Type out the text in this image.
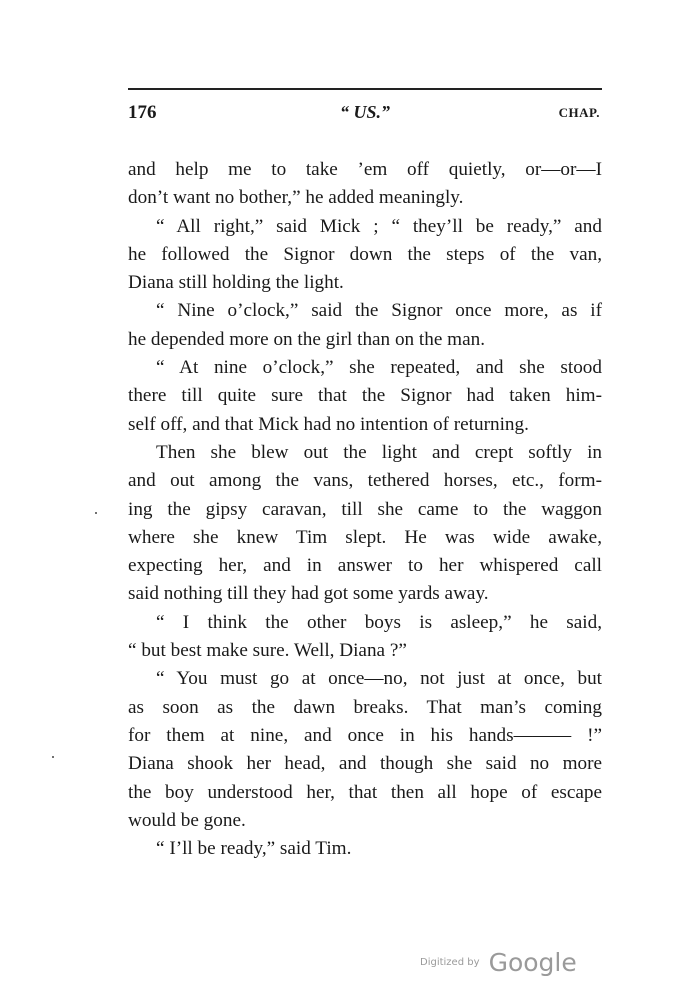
176	“ US.”	CHAP.
and help me to take ’em off quietly, or—or—I
don’t want no bother,” he added meaningly.
“ All right,” said Mick ; “ they’ll be ready,” and
he followed the Signor down the steps of the van,
Diana still holding the light.
“ Nine o’clock,” said the Signor once more, as if
he depended more on the girl than on the man.
“ At nine o’clock,” she repeated, and she stood
there till quite sure that the Signor had taken him-
self off, and that Mick had no intention of returning.
Then she blew out the light and crept softly in
and out among the vans, tethered horses, etc., form-
ing the gipsy caravan, till she came to the waggon
where she knew Tim slept. He was wide awake,
expecting her, and in answer to her whispered call
said nothing till they had got some yards away.
“ I think the other boys is asleep,” he said,
“ but best make sure. Well, Diana ?”
“ You must go at once—no, not just at once, but
as soon as the dawn breaks. That man’s coming
for them at nine, and once in his hands——— !”
Diana shook her head, and though she said no more
the boy understood her, that then all hope of escape
would be gone.
“ I’ll be ready,” said Tim.
Digitized by Google
